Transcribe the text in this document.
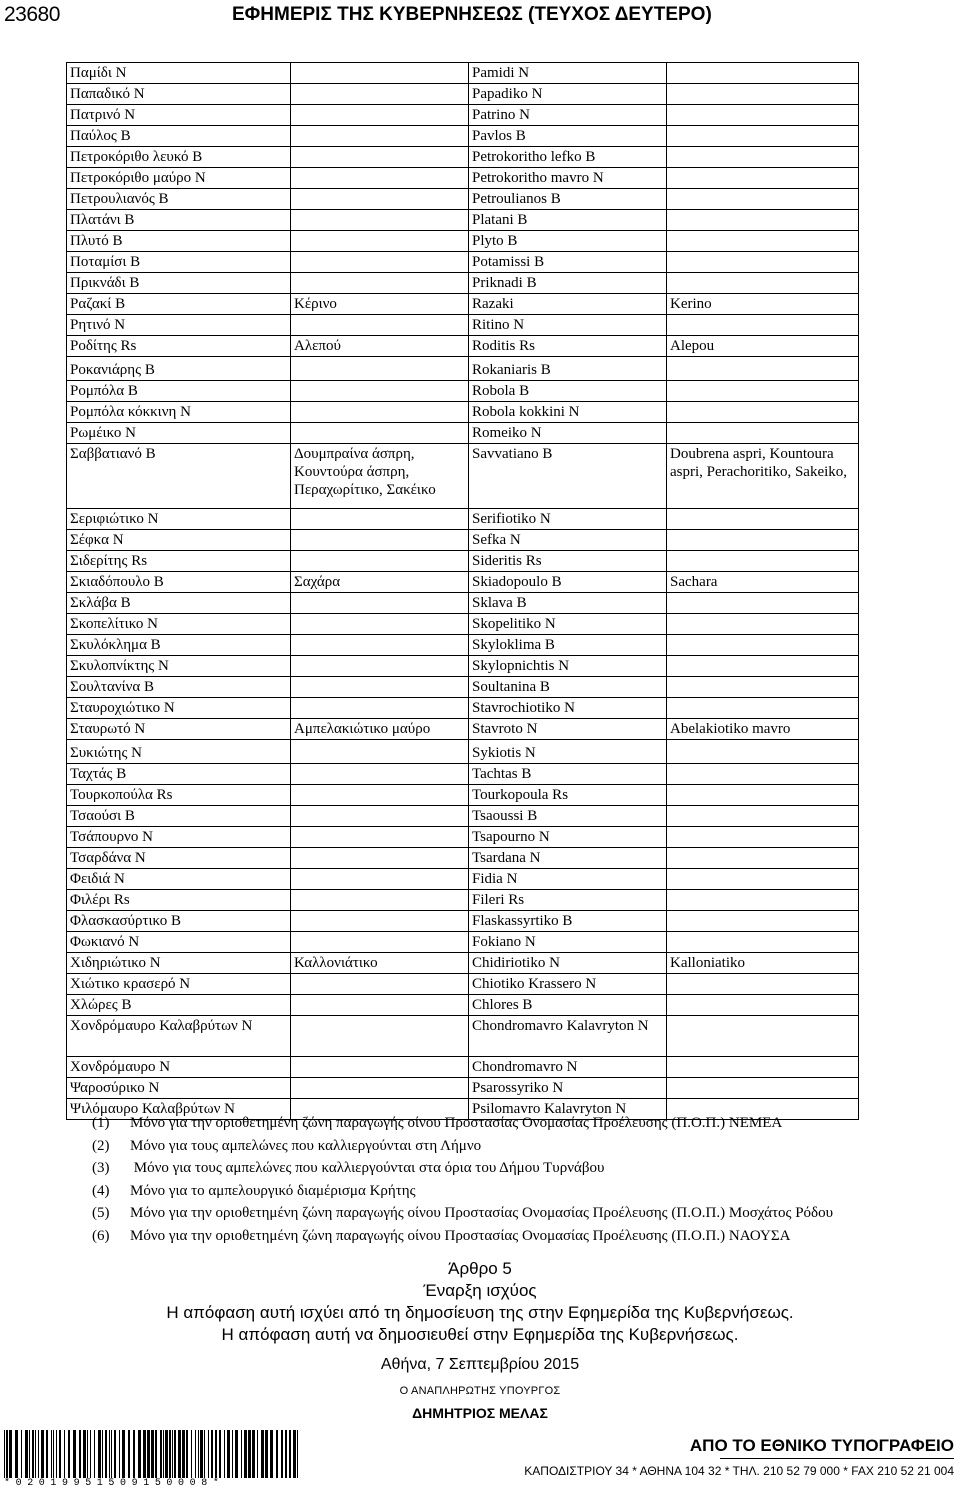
23680	ΕΦΗΜΕΡΙΣ ΤΗΣ ΚΥΒΕΡΝΗΣΕΩΣ (ΤΕΥΧΟΣ ΔΕΥΤΕΡΟ)
Παμίδι Ν		Pamidi N	
Παπαδικό Ν		Papadiko N	
Πατρινό Ν		Patrino N	
Παύλος Β		Pavlos B	
Πετροκόριθο λευκό Β		Petrokoritho lefko B	
Πετροκόριθο μαύρο Ν		Petrokoritho mavro N	
Πετρουλιανός Β		Petroulianos B	
Πλατάνι Β		Platani B	
Πλυτό Β		Plyto B	
Ποταμίσι Β		Potamissi B	
Πρικνάδι Β		Priknadi B	
Ραζακί Β	Κέρινο	Razaki	Kerino
Ρητινό Ν		Ritino N	
Ροδίτης Rs	Αλεπού	Roditis Rs	Alepou
Ροκανιάρης Β		Rokaniaris B	
Ρομπόλα Β		Robola B	
Ρομπόλα κόκκινη Ν		Robola kokkini N	
Ρωμέικο Ν		Romeiko N	
Σαββατιανό Β	Δουμπραίνα άσπρη, Κουντούρα άσπρη, Περαχωρίτικο, Σακέικο	Savvatiano B	Doubrena aspri, Kountoura aspri, Perachoritiko, Sakeiko,
Σεριφιώτικο Ν		Serifiotiko N	
Σέφκα Ν		Sefka N	
Σιδερίτης Rs		Sideritis Rs	
Σκιαδόπουλο Β	Σαχάρα	Skiadopoulo B	Sachara
Σκλάβα Β		Sklava B	
Σκοπελίτικο Ν		Skopelitiko N	
Σκυλόκλημα Β		Skyloklima B	
Σκυλοπνίκτης Ν		Skylopnichtis N	
Σουλτανίνα Β		Soultanina B	
Σταυροχιώτικο Ν		Stavrochiotiko N	
Σταυρωτό Ν	Αμπελακιώτικο μαύρο	Stavroto N	Abelakiotiko mavro
Συκιώτης Ν		Sykiotis N	
Ταχτάς Β		Tachtas B	
Τουρκοπούλα Rs		Tourkopoula Rs	
Τσαούσι Β		Tsaoussi B	
Τσάπουρνο Ν		Tsapourno N	
Τσαρδάνα Ν		Tsardana N	
Φειδιά Ν		Fidia N	
Φιλέρι Rs		Fileri Rs	
Φλασκασύρτικο Β		Flaskassyrtiko B	
Φωκιανό Ν		Fokiano N	
Χιδηριώτικο Ν	Καλλονιάτικο	Chidiriotiko N	Kalloniatiko
Χιώτικο κρασερό Ν		Chiotiko Krassero N	
Χλώρες Β		Chlores B	
Χονδρόμαυρο Καλαβρύτων Ν		Chondromavro Kalavryton N	
Χονδρόμαυρο Ν		Chondromavro N	
Ψαροσύρικο Ν		Psarossyriko N	
Ψιλόμαυρο Καλαβρύτων Ν		Psilomavro Kalavryton N	
(1)	Μόνο για την οριοθετημένη ζώνη παραγωγής οίνου Προστασίας Ονομασίας Προέλευσης (Π.Ο.Π.) ΝΕΜΕΑ
(2)	Μόνο για τους αμπελώνες που καλλιεργούνται στη Λήμνο
(3)	Μόνο για τους αμπελώνες που καλλιεργούνται στα όρια του Δήμου Τυρνάβου
(4)	Μόνο για το αμπελουργικό διαμέρισμα Κρήτης
(5)	Μόνο για την οριοθετημένη ζώνη παραγωγής οίνου Προστασίας Ονομασίας Προέλευσης (Π.Ο.Π.) Μοσχάτος Ρόδου
(6)	Μόνο για την οριοθετημένη ζώνη παραγωγής οίνου Προστασίας Ονομασίας Προέλευσης (Π.Ο.Π.) ΝΑΟΥΣΑ
Άρθρο 5
Έναρξη ισχύος
Η απόφαση αυτή ισχύει από τη δημοσίευση της στην Εφημερίδα της Κυβερνήσεως.
Η απόφαση αυτή να δημοσιευθεί στην Εφημερίδα της Κυβερνήσεως.
Αθήνα, 7 Σεπτεμβρίου 2015
Ο ΑΝΑΠΛΗΡΩΤΗΣ ΥΠΟΥΡΓΟΣ
ΔΗΜΗΤΡΙΟΣ ΜΕΛΑΣ
*02019951509150008*
ΑΠΟ ΤΟ ΕΘΝΙΚΟ ΤΥΠΟΓΡΑΦΕΙΟ
ΚΑΠΟΔΙΣΤΡΙΟΥ 34 * ΑΘΗΝΑ 104 32 * ΤΗΛ. 210 52 79 000 * FAX 210 52 21 004
